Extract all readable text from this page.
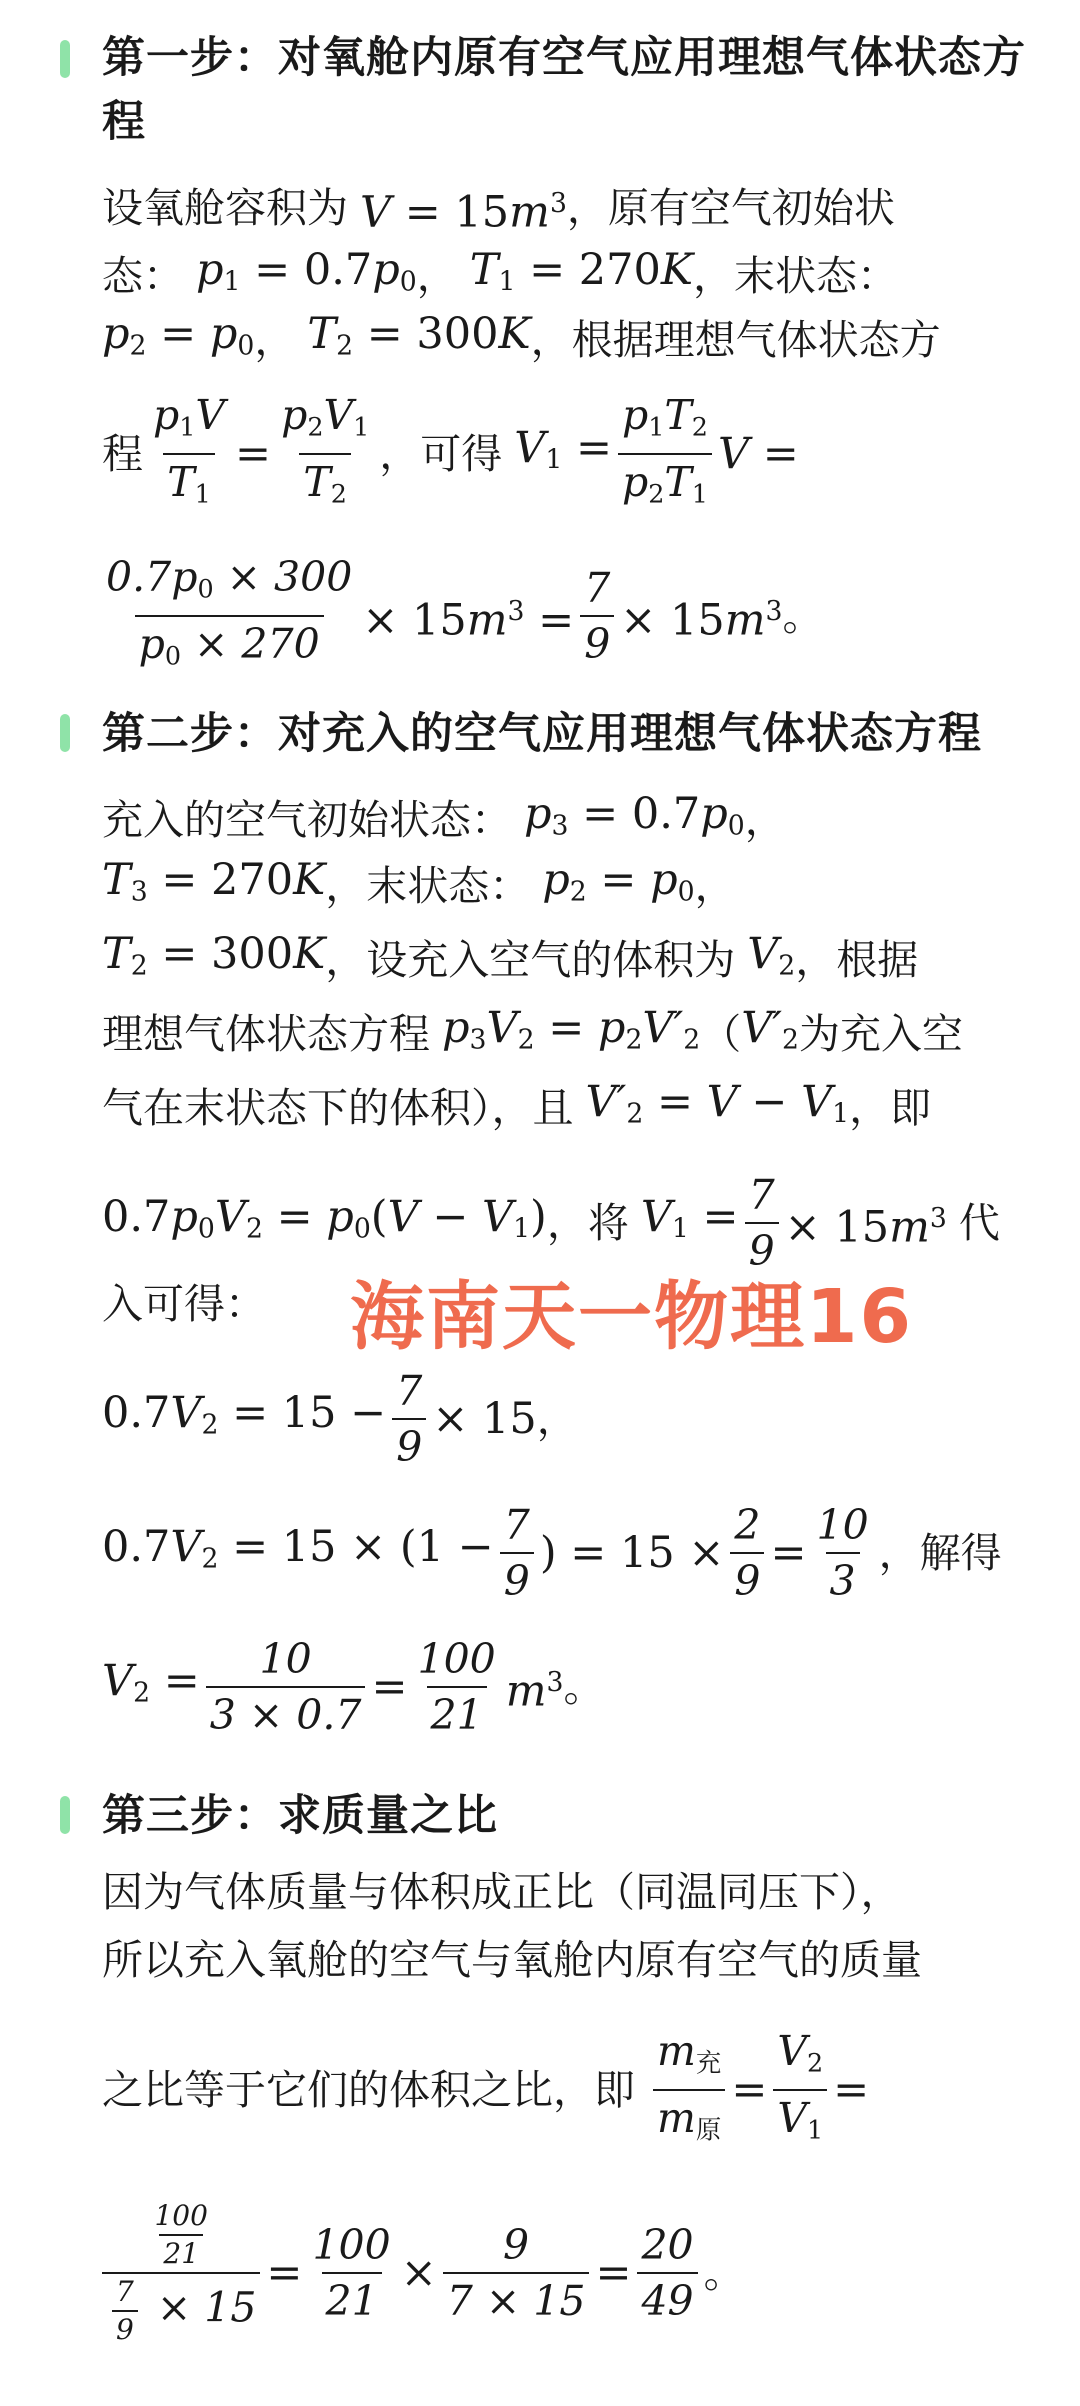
第一步：对氧舱内原有空气应用理想气体状态方
程
设氧舱容积为 $V = 15m^3$ ，原有空气初始状
态： $p_1 = 0.7p_0$ ， $T_1 = 270K$ ，末状态：
$p_2 = p_0$ ， $T_2 = 300K$ ，根据理想气体状态方
程 $\frac{p_1V}{T_1} = \frac{p_2V_1}{T_2}$ ，可得 $V_1 = \frac{p_1T_2}{p_2T_1}$ V =
$\frac{0.7p_0 \times 300}{p_0 \times 270} \times 15m^3 = \frac{7}{9} \times 15m^3$ 。
第二步：对充入的空气应用理想气体状态方程
充入的空气初始状态： $p_3 = 0.7p_0$ ，
$T_3 = 270K$ ，末状态： $p_2 = p_0$ ，
$T_2 = 300K$ ，设充入空气的体积为 $V_2$ ，根据
理想气体状态方程 $p_3V_2 = p_2V'_2$ （ $V'_2$ 为充入空
气在末状态下的体积），且 $V'_2 = V - V_1$ ，即
$0.7p_0V_2 = p_0(V - V_1)$ ，将 $V_1 = \frac{7}{9} \times 15m^3$ 代
入可得： 海南天一物理16
$0.7V_2 = 15 - \frac{7}{9} \times 15$ ，
$0.7V_2 = 15 \times (1 - \frac{7}{9}$ ) = $15 \times \frac{2}{9} = \frac{10}{3}$ ，解得
$V_2 = \frac{10}{3 \times 0.7} = \frac{100}{21} m^3$ 。
第三步：求质量之比
因为气体质量与体积成正比（同温同压下），
所以充入氧舱的空气与氧舱内原有空气的质量
之比等于它们的体积之比，即 $\frac{m_充}{m_原} = \frac{V_2}{V_1}$ =
$\frac{\frac{100}{21}}{\frac{7}{9} \times 15} = \frac{100}{21} \times \frac{9}{7 \times 15} = \frac{20}{49}$ 。
